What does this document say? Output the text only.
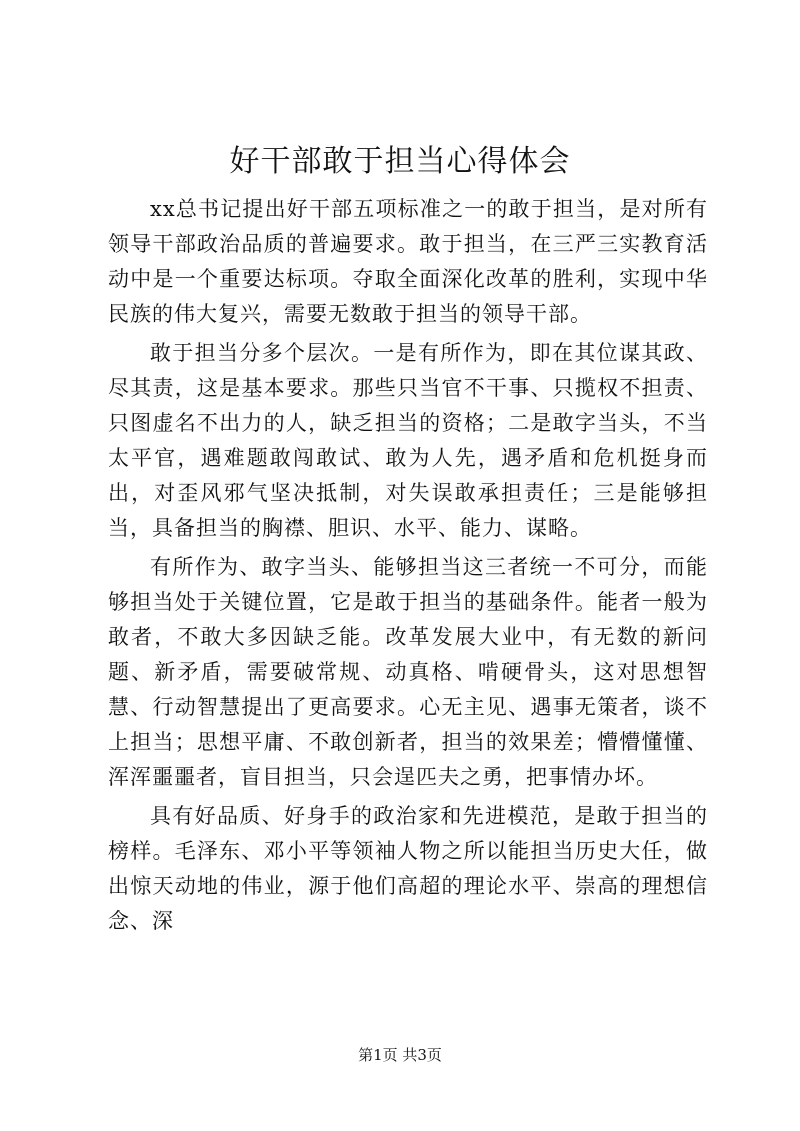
好干部敢于担当心得体会

xx总书记提出好干部五项标准之一的敢于担当，是对所有领导干部政治品质的普遍要求。敢于担当，在三严三实教育活动中是一个重要达标项。夺取全面深化改革的胜利，实现中华民族的伟大复兴，需要无数敢于担当的领导干部。

敢于担当分多个层次。一是有所作为，即在其位谋其政、尽其责，这是基本要求。那些只当官不干事、只揽权不担责、只图虚名不出力的人，缺乏担当的资格；二是敢字当头，不当太平官，遇难题敢闯敢试、敢为人先，遇矛盾和危机挺身而出，对歪风邪气坚决抵制，对失误敢承担责任；三是能够担当，具备担当的胸襟、胆识、水平、能力、谋略。

有所作为、敢字当头、能够担当这三者统一不可分，而能够担当处于关键位置，它是敢于担当的基础条件。能者一般为敢者，不敢大多因缺乏能。改革发展大业中，有无数的新问题、新矛盾，需要破常规、动真格、啃硬骨头，这对思想智慧、行动智慧提出了更高要求。心无主见、遇事无策者，谈不上担当；思想平庸、不敢创新者，担当的效果差；懵懵懂懂、浑浑噩噩者，盲目担当，只会逞匹夫之勇，把事情办坏。

具有好品质、好身手的政治家和先进模范，是敢于担当的榜样。毛泽东、邓小平等领袖人物之所以能担当历史大任，做出惊天动地的伟业，源于他们高超的理论水平、崇高的理想信念、深

第1页 共3页
